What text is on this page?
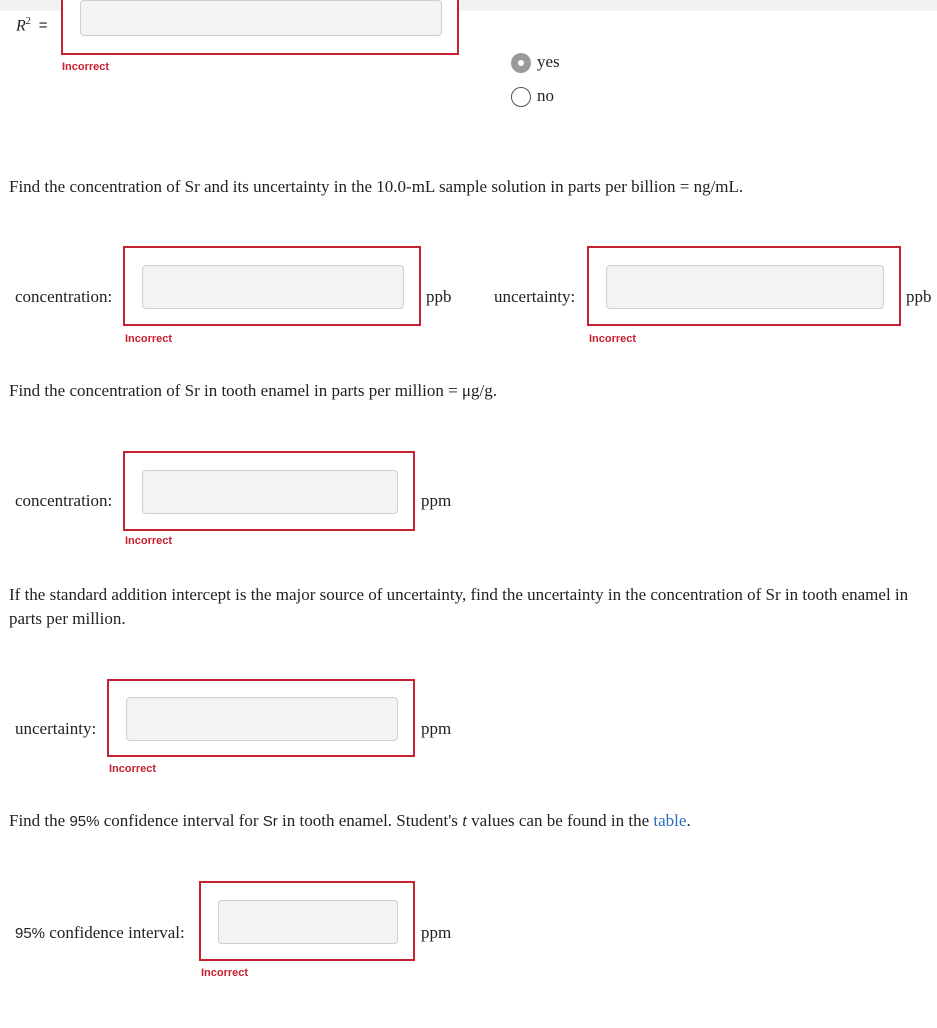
$R^2$ =
Incorrect	yes
no
Find the concentration of Sr and its uncertainty in the 10.0-mL sample solution in parts per billion = ng/mL.
concentration:	ppb
Incorrect
uncertainty:	ppb
Incorrect
Find the concentration of Sr in tooth enamel in parts per million = μg/g.
concentration:	ppm
Incorrect
If the standard addition intercept is the major source of uncertainty, find the uncertainty in the concentration of Sr in tooth enamel in parts per million.
uncertainty:	ppm
Incorrect
Find the 95% confidence interval for Sr in tooth enamel. Student's t values can be found in the table.
95% confidence interval:	ppm
Incorrect
